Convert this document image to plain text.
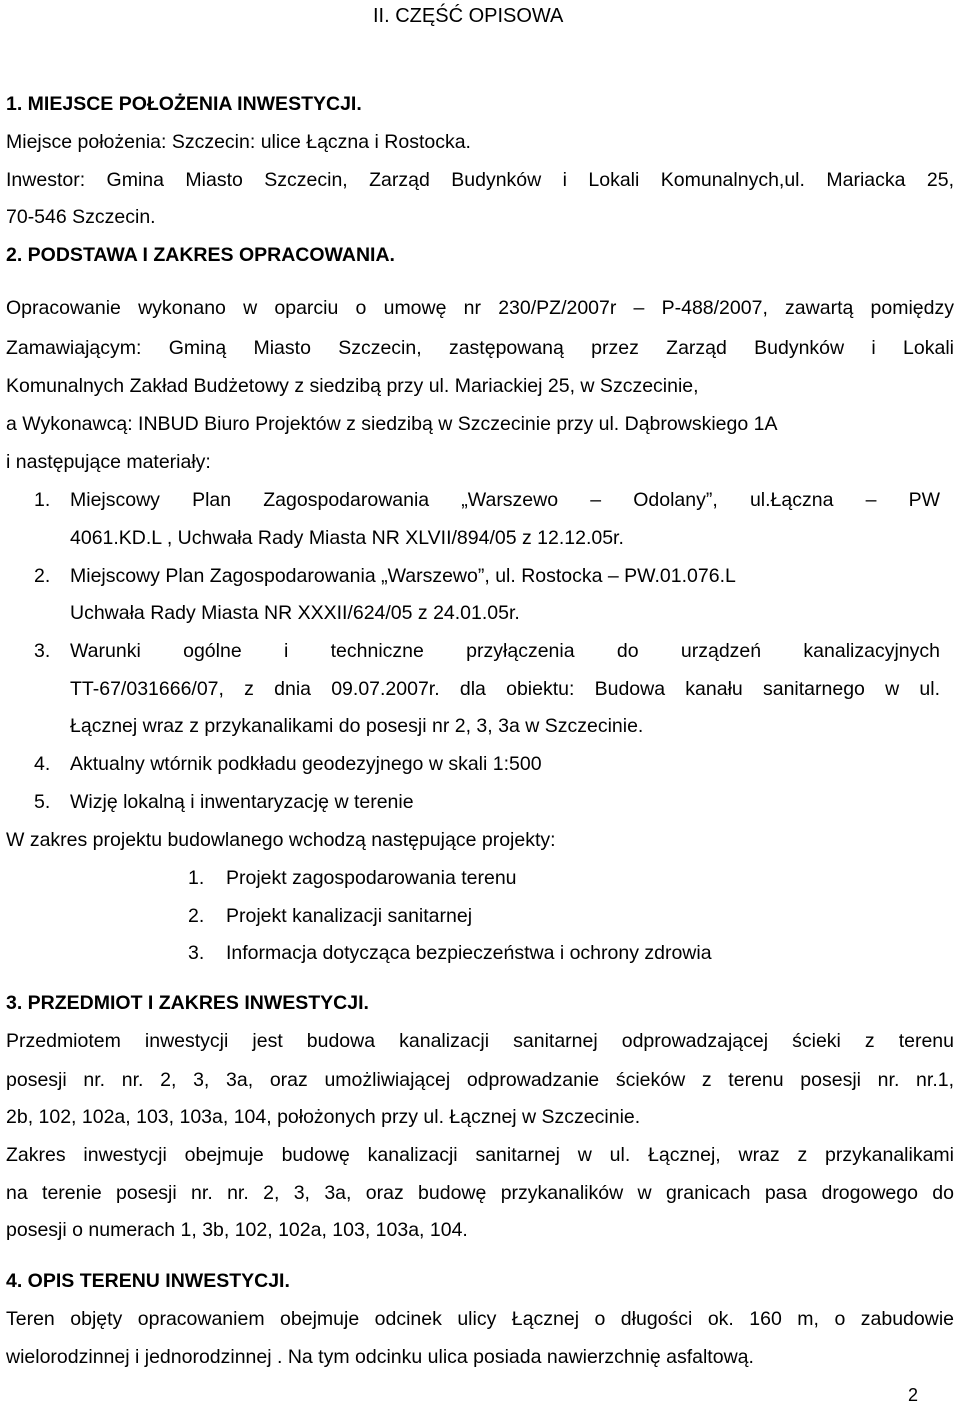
II. CZĘŚĆ OPISOWA
1. MIEJSCE POŁOŻENIA INWESTYCJI.
Miejsce położenia: Szczecin: ulice Łączna i Rostocka.
Inwestor: Gmina Miasto Szczecin, Zarząd Budynków i Lokali Komunalnych,ul. Mariacka 25,
70-546 Szczecin.
2. PODSTAWA I ZAKRES OPRACOWANIA.
Opracowanie wykonano w oparciu o umowę nr 230/PZ/2007r – P-488/2007, zawartą pomiędzy
Zamawiającym: Gminą Miasto Szczecin, zastępowaną przez Zarząd Budynków i Lokali
Komunalnych Zakład Budżetowy z siedzibą przy ul. Mariackiej 25, w Szczecinie,
a Wykonawcą: INBUD Biuro Projektów z siedzibą w Szczecinie przy ul. Dąbrowskiego 1A
i następujące materiały:
1. Miejscowy Plan Zagospodarowania „Warszewo – Odolany”, ul.Łączna – PW
4061.KD.L , Uchwała Rady Miasta NR XLVII/894/05 z 12.12.05r.
2. Miejscowy Plan Zagospodarowania „Warszewo”, ul. Rostocka – PW.01.076.L
Uchwała Rady Miasta NR XXXII/624/05 z 24.01.05r.
3. Warunki ogólne i techniczne przyłączenia do urządzeń kanalizacyjnych
TT-67/031666/07, z dnia 09.07.2007r. dla obiektu: Budowa kanału sanitarnego w ul.
Łącznej wraz z przykanalikami do posesji nr 2, 3, 3a w Szczecinie.
4. Aktualny wtórnik podkładu geodezyjnego w skali 1:500
5. Wizję lokalną i inwentaryzację w terenie
W zakres projektu budowlanego wchodzą następujące projekty:
1. Projekt zagospodarowania terenu
2. Projekt kanalizacji sanitarnej
3. Informacja dotycząca bezpieczeństwa i ochrony zdrowia
3. PRZEDMIOT I ZAKRES INWESTYCJI.
Przedmiotem inwestycji jest budowa kanalizacji sanitarnej odprowadzającej ścieki z terenu
posesji nr. nr. 2, 3, 3a, oraz umożliwiającej odprowadzanie ścieków z terenu posesji nr. nr.1,
2b, 102, 102a, 103, 103a, 104, położonych przy ul. Łącznej w Szczecinie.
Zakres inwestycji obejmuje budowę kanalizacji sanitarnej w ul. Łącznej, wraz z przykanalikami
na terenie posesji nr. nr. 2, 3, 3a, oraz budowę przykanalików w granicach pasa drogowego do
posesji o numerach 1, 3b, 102, 102a, 103, 103a, 104.
4. OPIS TERENU INWESTYCJI.
Teren objęty opracowaniem obejmuje odcinek ulicy Łącznej o długości ok. 160 m, o zabudowie
wielorodzinnej i jednorodzinnej . Na tym odcinku ulica posiada nawierzchnię asfaltową.
2
